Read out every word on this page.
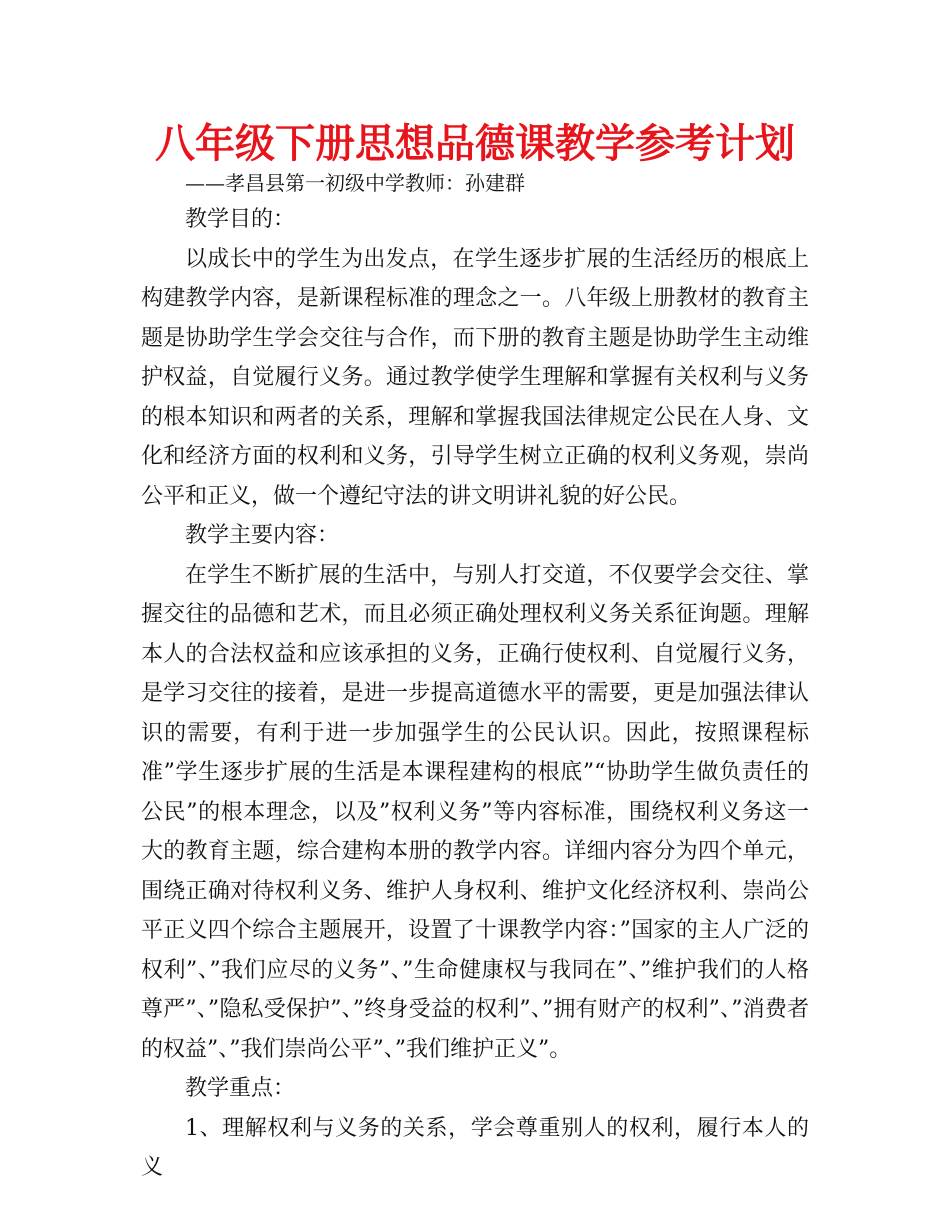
八年级下册思想品德课教学参考计划
——孝昌县第一初级中学教师：孙建群

教学目的：

以成长中的学生为出发点，在学生逐步扩展的生活经历的根底上构建教学内容，是新课程标准的理念之一。八年级上册教材的教育主题是协助学生学会交往与合作，而下册的教育主题是协助学生主动维护权益，自觉履行义务。通过教学使学生理解和掌握有关权利与义务的根本知识和两者的关系，理解和掌握我国法律规定公民在人身、文化和经济方面的权利和义务，引导学生树立正确的权利义务观，崇尚公平和正义，做一个遵纪守法的讲文明讲礼貌的好公民。

教学主要内容：

在学生不断扩展的生活中，与别人打交道，不仅要学会交往、掌握交往的品德和艺术，而且必须正确处理权利义务关系征询题。理解本人的合法权益和应该承担的义务，正确行使权利、自觉履行义务，是学习交往的接着，是进一步提高道德水平的需要，更是加强法律认识的需要，有利于进一步加强学生的公民认识。因此，按照课程标准”学生逐步扩展的生活是本课程建构的根底”“协助学生做负责任的公民”的根本理念，以及”权利义务”等内容标准，围绕权利义务这一大的教育主题，综合建构本册的教学内容。详细内容分为四个单元，围绕正确对待权利义务、维护人身权利、维护文化经济权利、崇尚公平正义四个综合主题展开，设置了十课教学内容：”国家的主人广泛的权利”、”我们应尽的义务”、”生命健康权与我同在”、”维护我们的人格尊严”、”隐私受保护”、”终身受益的权利”、”拥有财产的权利”、”消费者的权益”、”我们崇尚公平”、”我们维护正义”。

教学重点：

1、理解权利与义务的关系，学会尊重别人的权利，履行本人的义
